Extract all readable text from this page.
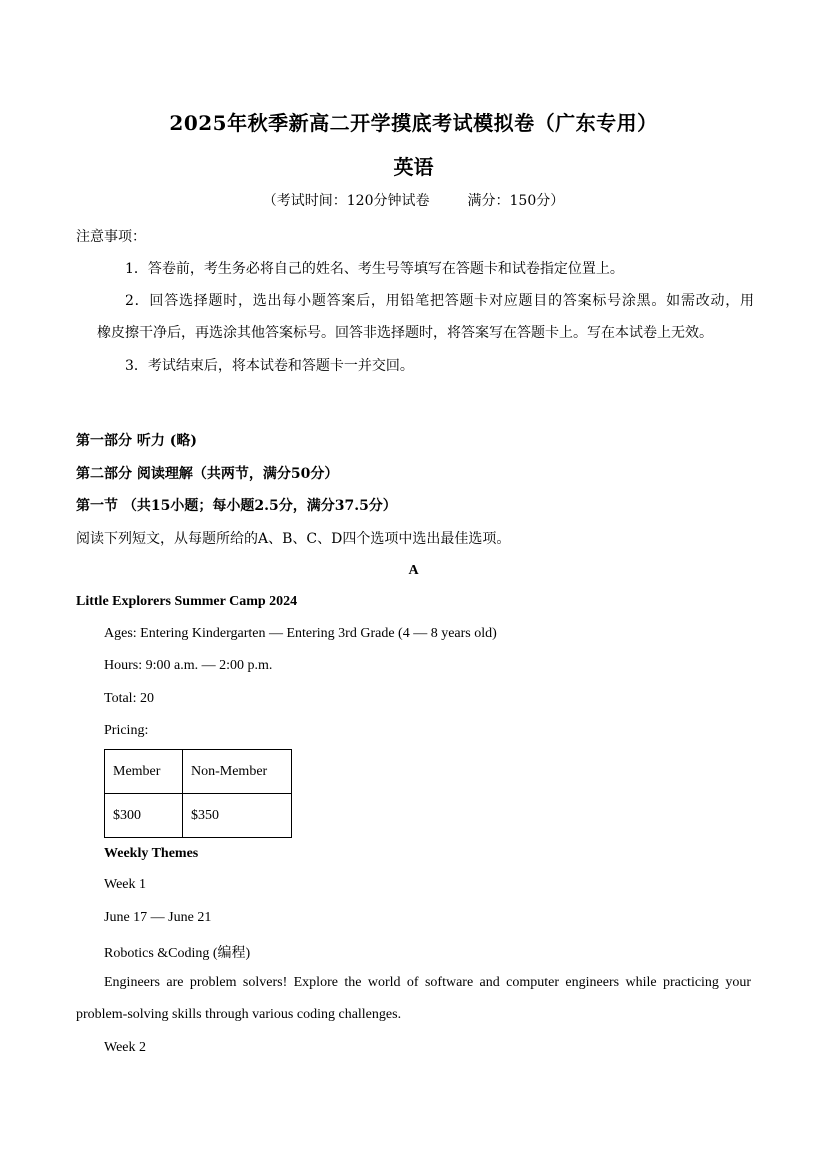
2025年秋季新高二开学摸底考试模拟卷（广东专用）
英语
（考试时间：120分钟试卷	满分：150分）
注意事项：
1．答卷前，考生务必将自己的姓名、考生号等填写在答题卡和试卷指定位置上。
2．回答选择题时，选出每小题答案后，用铅笔把答题卡对应题目的答案标号涂黑。如需改动，用
橡皮擦干净后，再选涂其他答案标号。回答非选择题时，将答案写在答题卡上。写在本试卷上无效。
3．考试结束后，将本试卷和答题卡一并交回。
第一部分 听力 (略)
第二部分 阅读理解（共两节，满分50分）
第一节 （共15小题；每小题2.5分，满分37.5分）
阅读下列短文，从每题所给的A、B、C、D四个选项中选出最佳选项。
A
Little Explorers Summer Camp 2024
Ages: Entering Kindergarten — Entering 3rd Grade (4 — 8 years old)
Hours: 9:00 a.m. — 2:00 p.m.
Total: 20
Pricing:
Member	Non-Member
$300	$350
Weekly Themes
Week 1
June 17 — June 21
Robotics &Coding (编程)
Engineers are problem solvers! Explore the world of software and computer engineers while practicing your
problem-solving skills through various coding challenges.
Week 2
